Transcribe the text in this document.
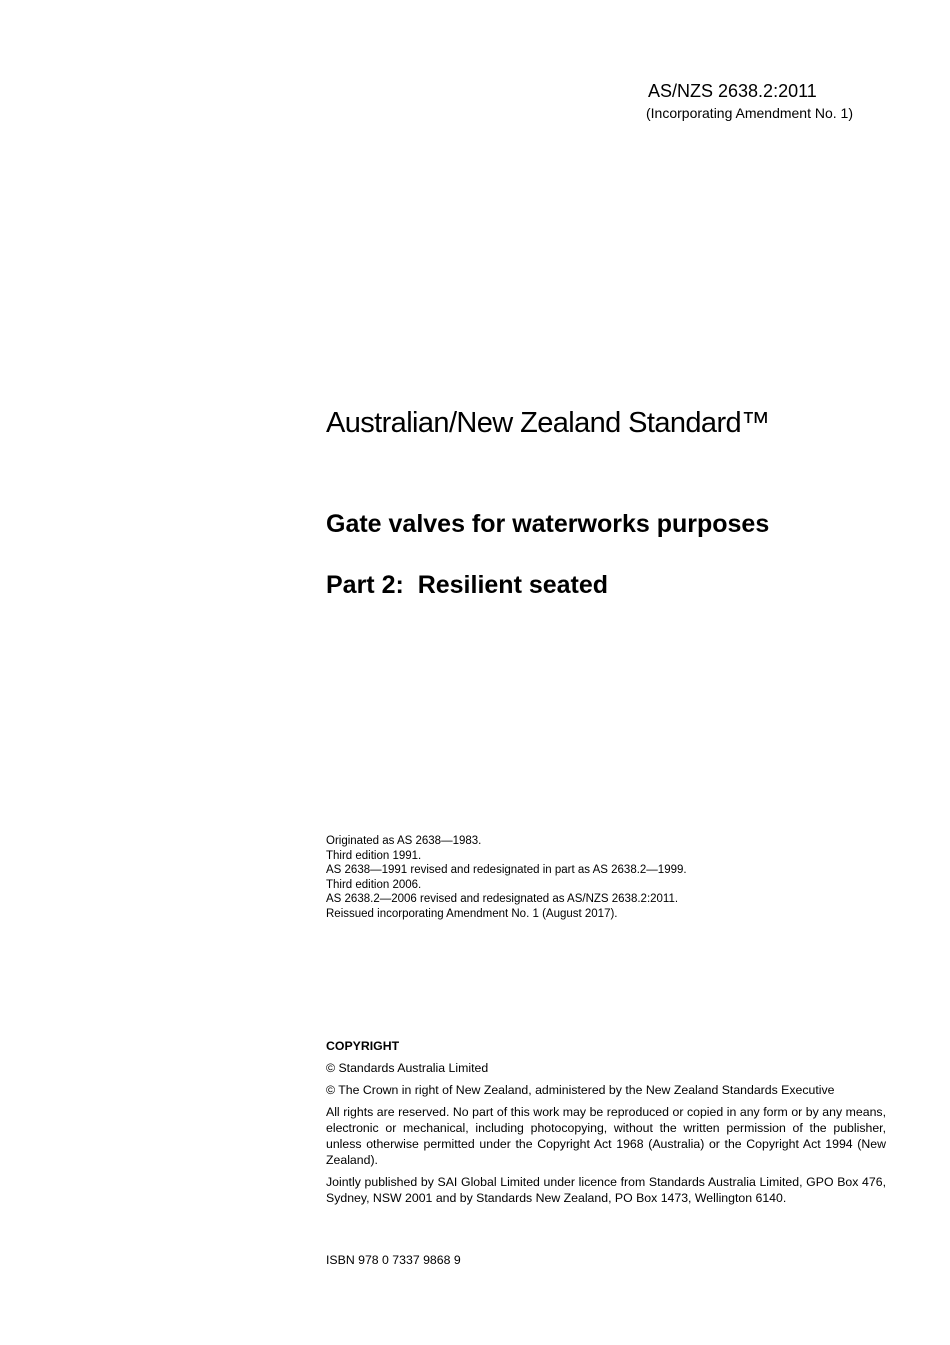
AS/NZS 2638.2:2011
(Incorporating Amendment No. 1)
Australian/New Zealand Standard™
Gate valves for waterworks purposes
Part 2:  Resilient seated
Originated as AS 2638—1983.
Third edition 1991.
AS 2638—1991 revised and redesignated in part as AS 2638.2—1999.
Third edition 2006.
AS 2638.2—2006 revised and redesignated as AS/NZS 2638.2:2011.
Reissued incorporating Amendment No. 1 (August 2017).
COPYRIGHT
© Standards Australia Limited
© The Crown in right of New Zealand, administered by the New Zealand Standards Executive
All rights are reserved. No part of this work may be reproduced or copied in any form or by any means, electronic or mechanical, including photocopying, without the written permission of the publisher, unless otherwise permitted under the Copyright Act 1968 (Australia) or the Copyright Act 1994 (New Zealand).
Jointly published by SAI Global Limited under licence from Standards Australia Limited, GPO Box 476, Sydney, NSW 2001 and by Standards New Zealand, PO Box 1473, Wellington 6140.
ISBN 978 0 7337 9868 9
